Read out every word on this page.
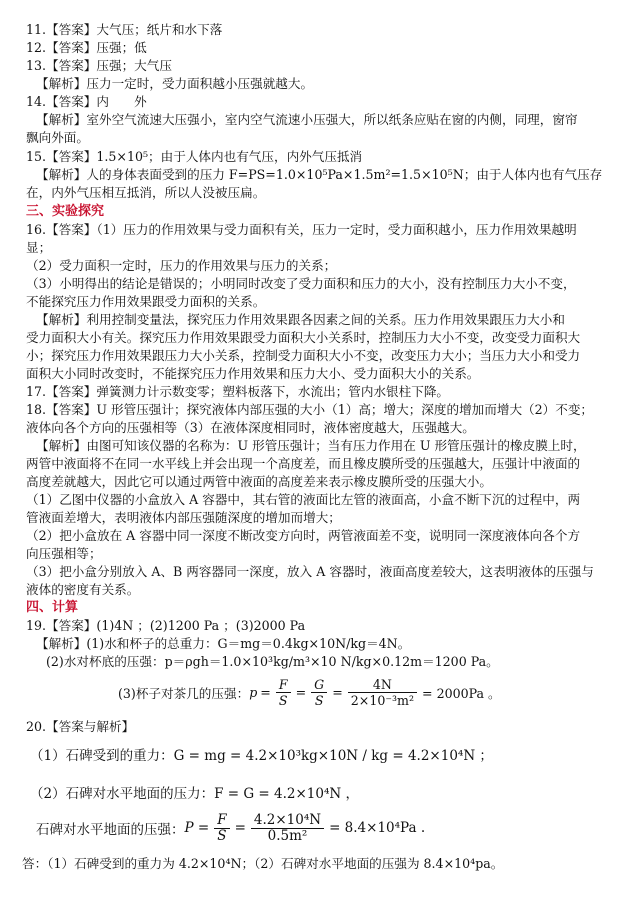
11.【答案】大气压；纸片和水下落
12.【答案】压强；低
13.【答案】压强；大气压
【解析】压力一定时，受力面积越小压强就越大。
14.【答案】内　　外
【解析】室外空气流速大压强小，室内空气流速小压强大，所以纸条应贴在窗的内侧，同理，窗帘
飘向外面。
15.【答案】1.5×10⁵；由于人体内也有气压，内外气压抵消
【解析】人的身体表面受到的压力 F=PS=1.0×10⁵Pa×1.5m²=1.5×10⁵N；由于人体内也有气压存
在，内外气压相互抵消，所以人没被压扁。
三、实验探究
16.【答案】（1）压力的作用效果与受力面积有关，压力一定时，受力面积越小，压力作用效果越明
显；
（2）受力面积一定时，压力的作用效果与压力的关系；
（3）小明得出的结论是错误的；小明同时改变了受力面积和压力的大小，没有控制压力大小不变，
不能探究压力作用效果跟受力面积的关系。
【解析】利用控制变量法，探究压力作用效果跟各因素之间的关系。压力作用效果跟压力大小和
受力面积大小有关。探究压力作用效果跟受力面积大小关系时，控制压力大小不变，改变受力面积大
小；探究压力作用效果跟压力大小关系，控制受力面积大小不变，改变压力大小；当压力大小和受力
面积大小同时改变时，不能探究压力作用效果和压力大小、受力面积大小的关系。
17.【答案】弹簧测力计示数变零；塑料板落下，水流出；管内水银柱下降。
18.【答案】U 形管压强计；探究液体内部压强的大小（1）高；增大；深度的增加而增大（2）不变；
液体向各个方向的压强相等（3）在液体深度相同时，液体密度越大，压强越大。
【解析】由图可知该仪器的名称为：U 形管压强计；当有压力作用在 U 形管压强计的橡皮膜上时，
两管中液面将不在同一水平线上并会出现一个高度差，而且橡皮膜所受的压强越大，压强计中液面的
高度差就越大，因此它可以通过两管中液面的高度差来表示橡皮膜所受的压强大小。
（1）乙图中仪器的小盒放入 A 容器中，其右管的液面比左管的液面高，小盒不断下沉的过程中，两
管液面差增大，表明液体内部压强随深度的增加而增大；
（2）把小盒放在 A 容器中同一深度不断改变方向时，两管液面差不变，说明同一深度液体向各个方
向压强相等；
（3）把小盒分别放入 A、B 两容器同一深度，放入 A 容器时，液面高度差较大，这表明液体的压强与
液体的密度有关系。
四、计算
19.【答案】(1)4N ；(2)1200 Pa ；(3)2000 Pa
【解析】(1)水和杯子的总重力：G＝mg＝0.4kg×10N/kg＝4N。
(2)水对杯底的压强：p＝ρgh＝1.0×10³kg/m³×10 N/kg×0.12m＝1200 Pa。
(3)杯子对茶几的压强： $p = \frac{F}{S} = \frac{G}{S} = \frac{4N}{\text{2×10⁻³m²}} = 2000Pa$ 。
20.【答案与解析】
（1）石碑受到的重力：G = mg = 4.2×10³kg×10N / kg = 4.2×10⁴N ；
（2）石碑对水平地面的压力：F = G = 4.2×10⁴N ，
石碑对水平地面的压强： $P = \frac{F}{S} = \frac{\text{4.2×10⁴N}}{\text{0.5m²}} = 8.4\times 10^4Pa$ .
答：（1）石碑受到的重力为 4.2×10⁴N；（2）石碑对水平地面的压强为 8.4×10⁴pa。
